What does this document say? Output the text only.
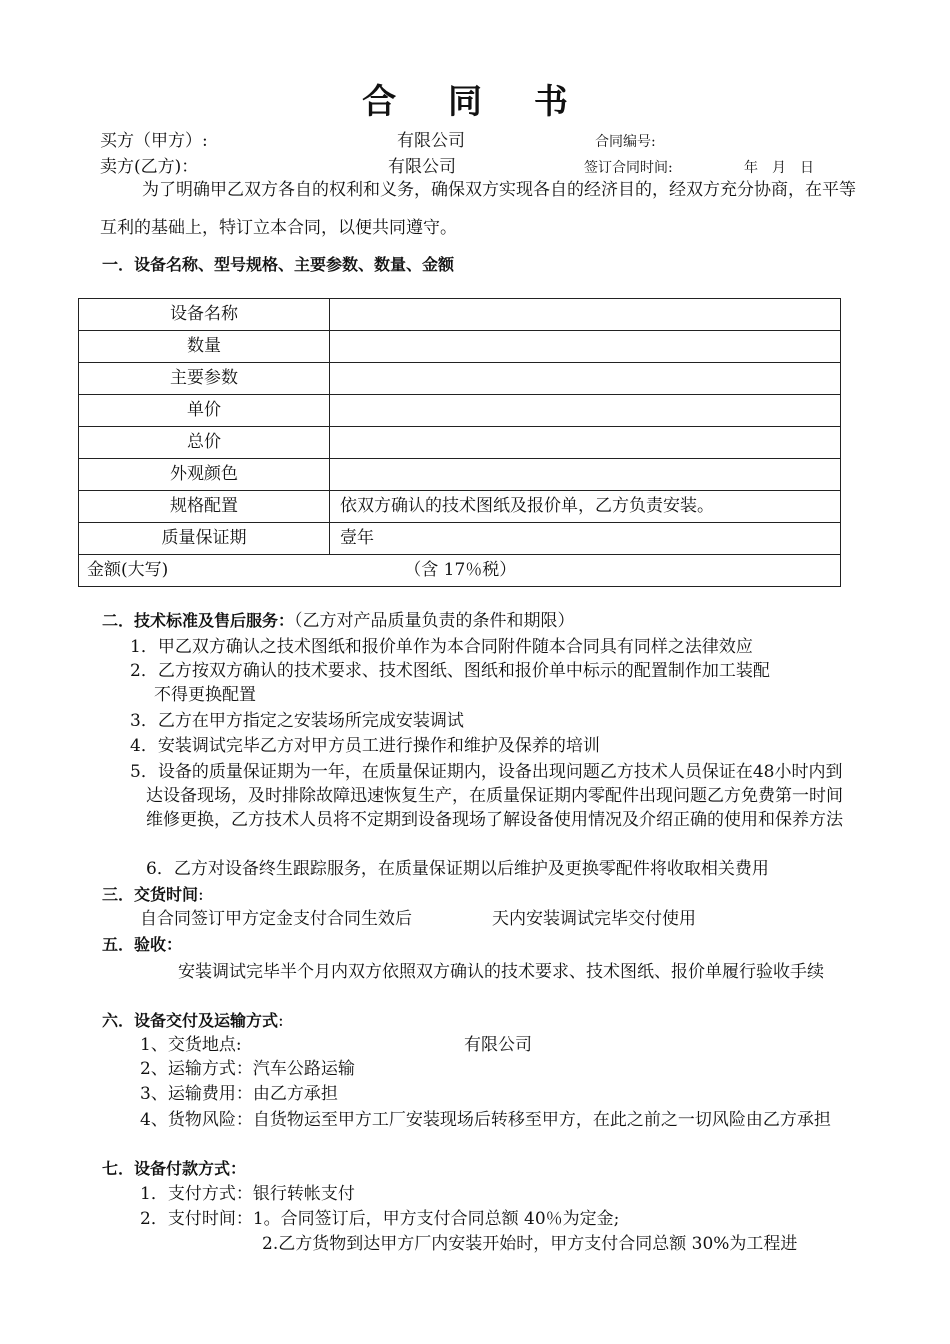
合 同 书
买方（甲方）:	有限公司	合同编号:
卖方(乙方)：	有限公司	签订合同时间:	年　月　日
为了明确甲乙双方各自的权利和义务，确保双方实现各自的经济目的，经双方充分协商，在平等互利的基础上，特订立本合同，以便共同遵守。
一．设备名称、型号规格、主要参数、数量、金额
设备名称	
数量	
主要参数	
单价	
总价	
外观颜色	
规格配置	依双方确认的技术图纸及报价单，乙方负责安装。
质量保证期	壹年
金额(大写) （含 17％税）	
二．技术标准及售后服务：（乙方对产品质量负责的条件和期限）
1．甲乙双方确认之技术图纸和报价单作为本合同附件随本合同具有同样之法律效应
2．乙方按双方确认的技术要求、技术图纸、图纸和报价单中标示的配置制作加工装配
不得更换配置
3．乙方在甲方指定之安装场所完成安装调试
4．安装调试完毕乙方对甲方员工进行操作和维护及保养的培训
5．设备的质量保证期为一年，在质量保证期内，设备出现问题乙方技术人员保证在48小时内到达设备现场，及时排除故障迅速恢复生产，在质量保证期内零配件出现问题乙方免费第一时间维修更换，乙方技术人员将不定期到设备现场了解设备使用情况及介绍正确的使用和保养方法
6．乙方对设备终生跟踪服务，在质量保证期以后维护及更换零配件将收取相关费用
三．交货时间:
自合同签订甲方定金支付合同生效后	天内安装调试完毕交付使用
五．验收：
安装调试完毕半个月内双方依照双方确认的技术要求、技术图纸、报价单履行验收手续
六．设备交付及运输方式:
1、交货地点:	有限公司
2、运输方式：汽车公路运输
3、运输费用：由乙方承担
4、货物风险：自货物运至甲方工厂安装现场后转移至甲方，在此之前之一切风险由乙方承担
七．设备付款方式：
1．支付方式：银行转帐支付
2．支付时间：1。合同签订后，甲方支付合同总额 40％为定金;
2.乙方货物到达甲方厂内安装开始时，甲方支付合同总额 30%为工程进
